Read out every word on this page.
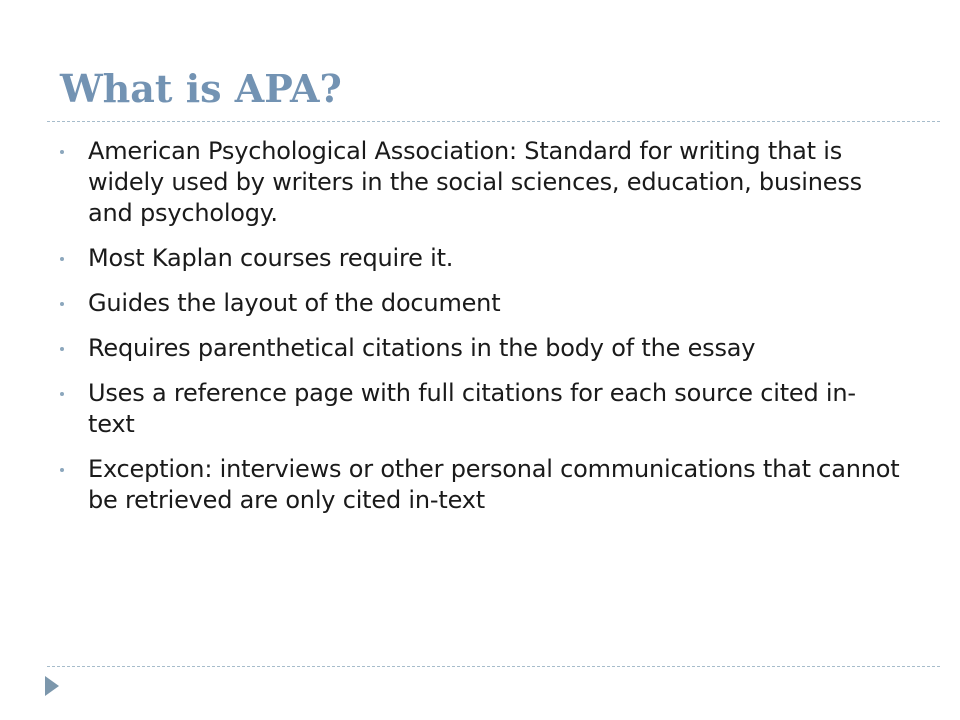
What is APA?
American Psychological Association: Standard for writing that is widely used by writers in the social sciences, education, business and psychology.
Most Kaplan courses require it.
Guides the layout of the document
Requires parenthetical citations in the body of the essay
Uses a reference page with full citations for each source cited in-text
Exception: interviews or other personal communications that cannot be retrieved are only cited in-text
